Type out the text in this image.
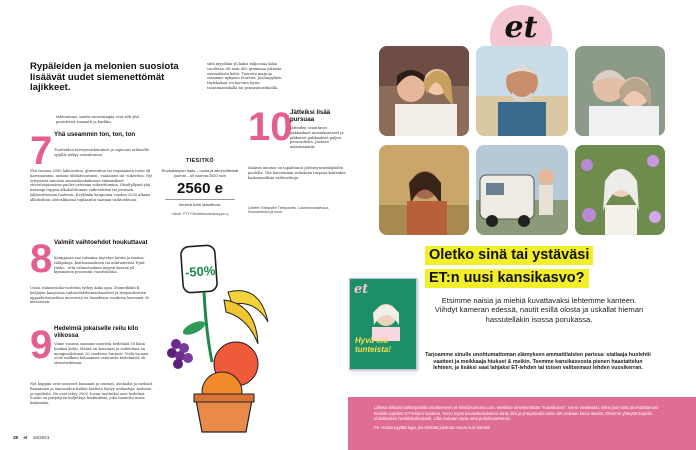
Rypäleiden ja melonien suosiota lisäävät uudet siemenettömät lajikkeet.
tähtiuutuus, mutta suosituimpia ovat silti yhä perinteiset tomaatti ja kurkku.
7 Yhä useammin ton, ton, ton
Tuotteiden terveysvaikutukset ja sopivuus erilaisille syöjille näkyy ostoskorissa.
Yhä vuonna 2000 laktoositon, gluteeniton tai vegaaninen tuote oli harvinaisuus, samoin tähtäävuutinen, -vaalainen tai -sokeriton. Nyt erityisesti sanoista aseanokeukukoissa enimmäkset virvoitusjuomissa paolet oetsraan sokerittomina. Ottaltyllyinä yhä useampi tuppaa alkoholittoman vaihtoehdon tai jeerinen laktoosittoman luotteen. K-ryhmän kaupoissa vuoden 2020 alkana alkoholiton olutvalikoima tuplaantui saataan vaihtoehtoon.
8 Valmiit vaihtoehdot houkuttavat
Kauppaota saa valmiina täytetyn leivän ja maitoa valkjahoja, keittoamuokoen tai mikruateriai. Ejuit tiinhe, -että valmistuokien myynti kasvaa yli kymmenen prosentin vuosivauhtia.
Uusia valmisruoka-tuotteita tyrkyy koko ajan. Esimerkiksi K-kedjujen kaupoissa vaihtoehdeleimuukaaeleet ja itsepaetiestien appaelutioimeiban merseistä on lisaodessa vuodessa kasvanut 30 kertaisesti.
9 Hedelmiä jokaiselle reilu kilo viikossa
Viime vuonna suomme nuorista hedelmiä 58 kiloa henkeä kohti. Määrä on kasvanut ja vaihteluna on monipuolistunut 20 vuodessa hurjasti. Vielä vuonna 2000 melkein kolmannes ostetuista hedelmistä oli sitrushedelmiä.
Nyt kuppiin ovat nousseet banaanit ja omenat, avokadot ja melonit. Banaanien ja omenoiden lisäksi kortista löytyy avokadoja, melonia ja rypäleitä. Ne ovat tehty 2000 -luvun tuotteiksi uusi hedelmä. Suomi on pirtynytön kuljettuja herkuuksia, joka tuomittu uusia lisäämään.
siitä myydään yli kaksi miljoonaa kiloa vuodessa, eli noin 400 grammaa jokaista suomalaista kohti. Tuoreita marjoja ostamme nykyisin tuoreita. Joulunpyhien täytekakun voi korvata hyvin tuontimansikalla tai pensasmustikoilla.
TIESITKÖ
Ruokakaupan laatu – ruoka ja alkoholittomat juomat – oli vuonna 2020 noin
2560 e
henkeä kohti laskettuna.
Lähde: PTY Päivittäistavarakauppa ry
10
Jätteiksi lisää pursuaa
Jätteiden osuuttavat pakkaukset moninkuntaset ja pikkuiset pakkaukset paljon perusaiheita. Jaetaan määrämäärät.
Sinärrä muutos on tapahtunut jätteittysentekijöiden puolella. Yhä harvemmin roskiksen turpoaa kuitenkin kaikenmallisia vaihtoehtoja.
Lähteet: Elintarvike Tietopalvelu, Luonnonvarakeskus, Ruokaviraston ja muut.
-50%
38 et 16/2021
et
Oletko sinä tai ystäväsi
ET:n uusi kansikasvo?
et
Hyvä olo tunteista!
Etsimme naisia ja miehiä kuvattavaksi lehtemme kanteen. Viihdyt kameran edessä, nautit esillä olosta ja uskallat hieman hassutellakin isossa porukassa.
Tarjoamme sinulle unohtumattoman elämyksen ammattilaisten parissa: stailaaja huolehtii vaatteet ja meikkaaja hiukset & meikin. Teemme kansikasvosta pienen haastattelun lehteen, ja lisäksi saat lahjaksi ET-lehden tai toisen valitsemasi lehden vuosikerran.
Lähetä viikkoisi sähköpostilla osoitteeseen et-lehti@sanoma.com. Merkitse aiheekenttään "Kansikasvo". Kerro viestissäsi, miksi juuri sinä tai ehdottamasi henkilö sopisitte ET-lehden kanteen. Kerro myös kuvauskokukseen siinä, liitä ja yhteystiedot sekä olet mukaan kuvia itsestä. Otamme yhteyttä sopiviin ehdokkaisiin henkilökohtaisesti. Liitä mukaan myös oma puhelinnumerosi.
Ps. Huista pyytää lupa, jos ehdotat jotakuta muuta kuin itseäsi!
